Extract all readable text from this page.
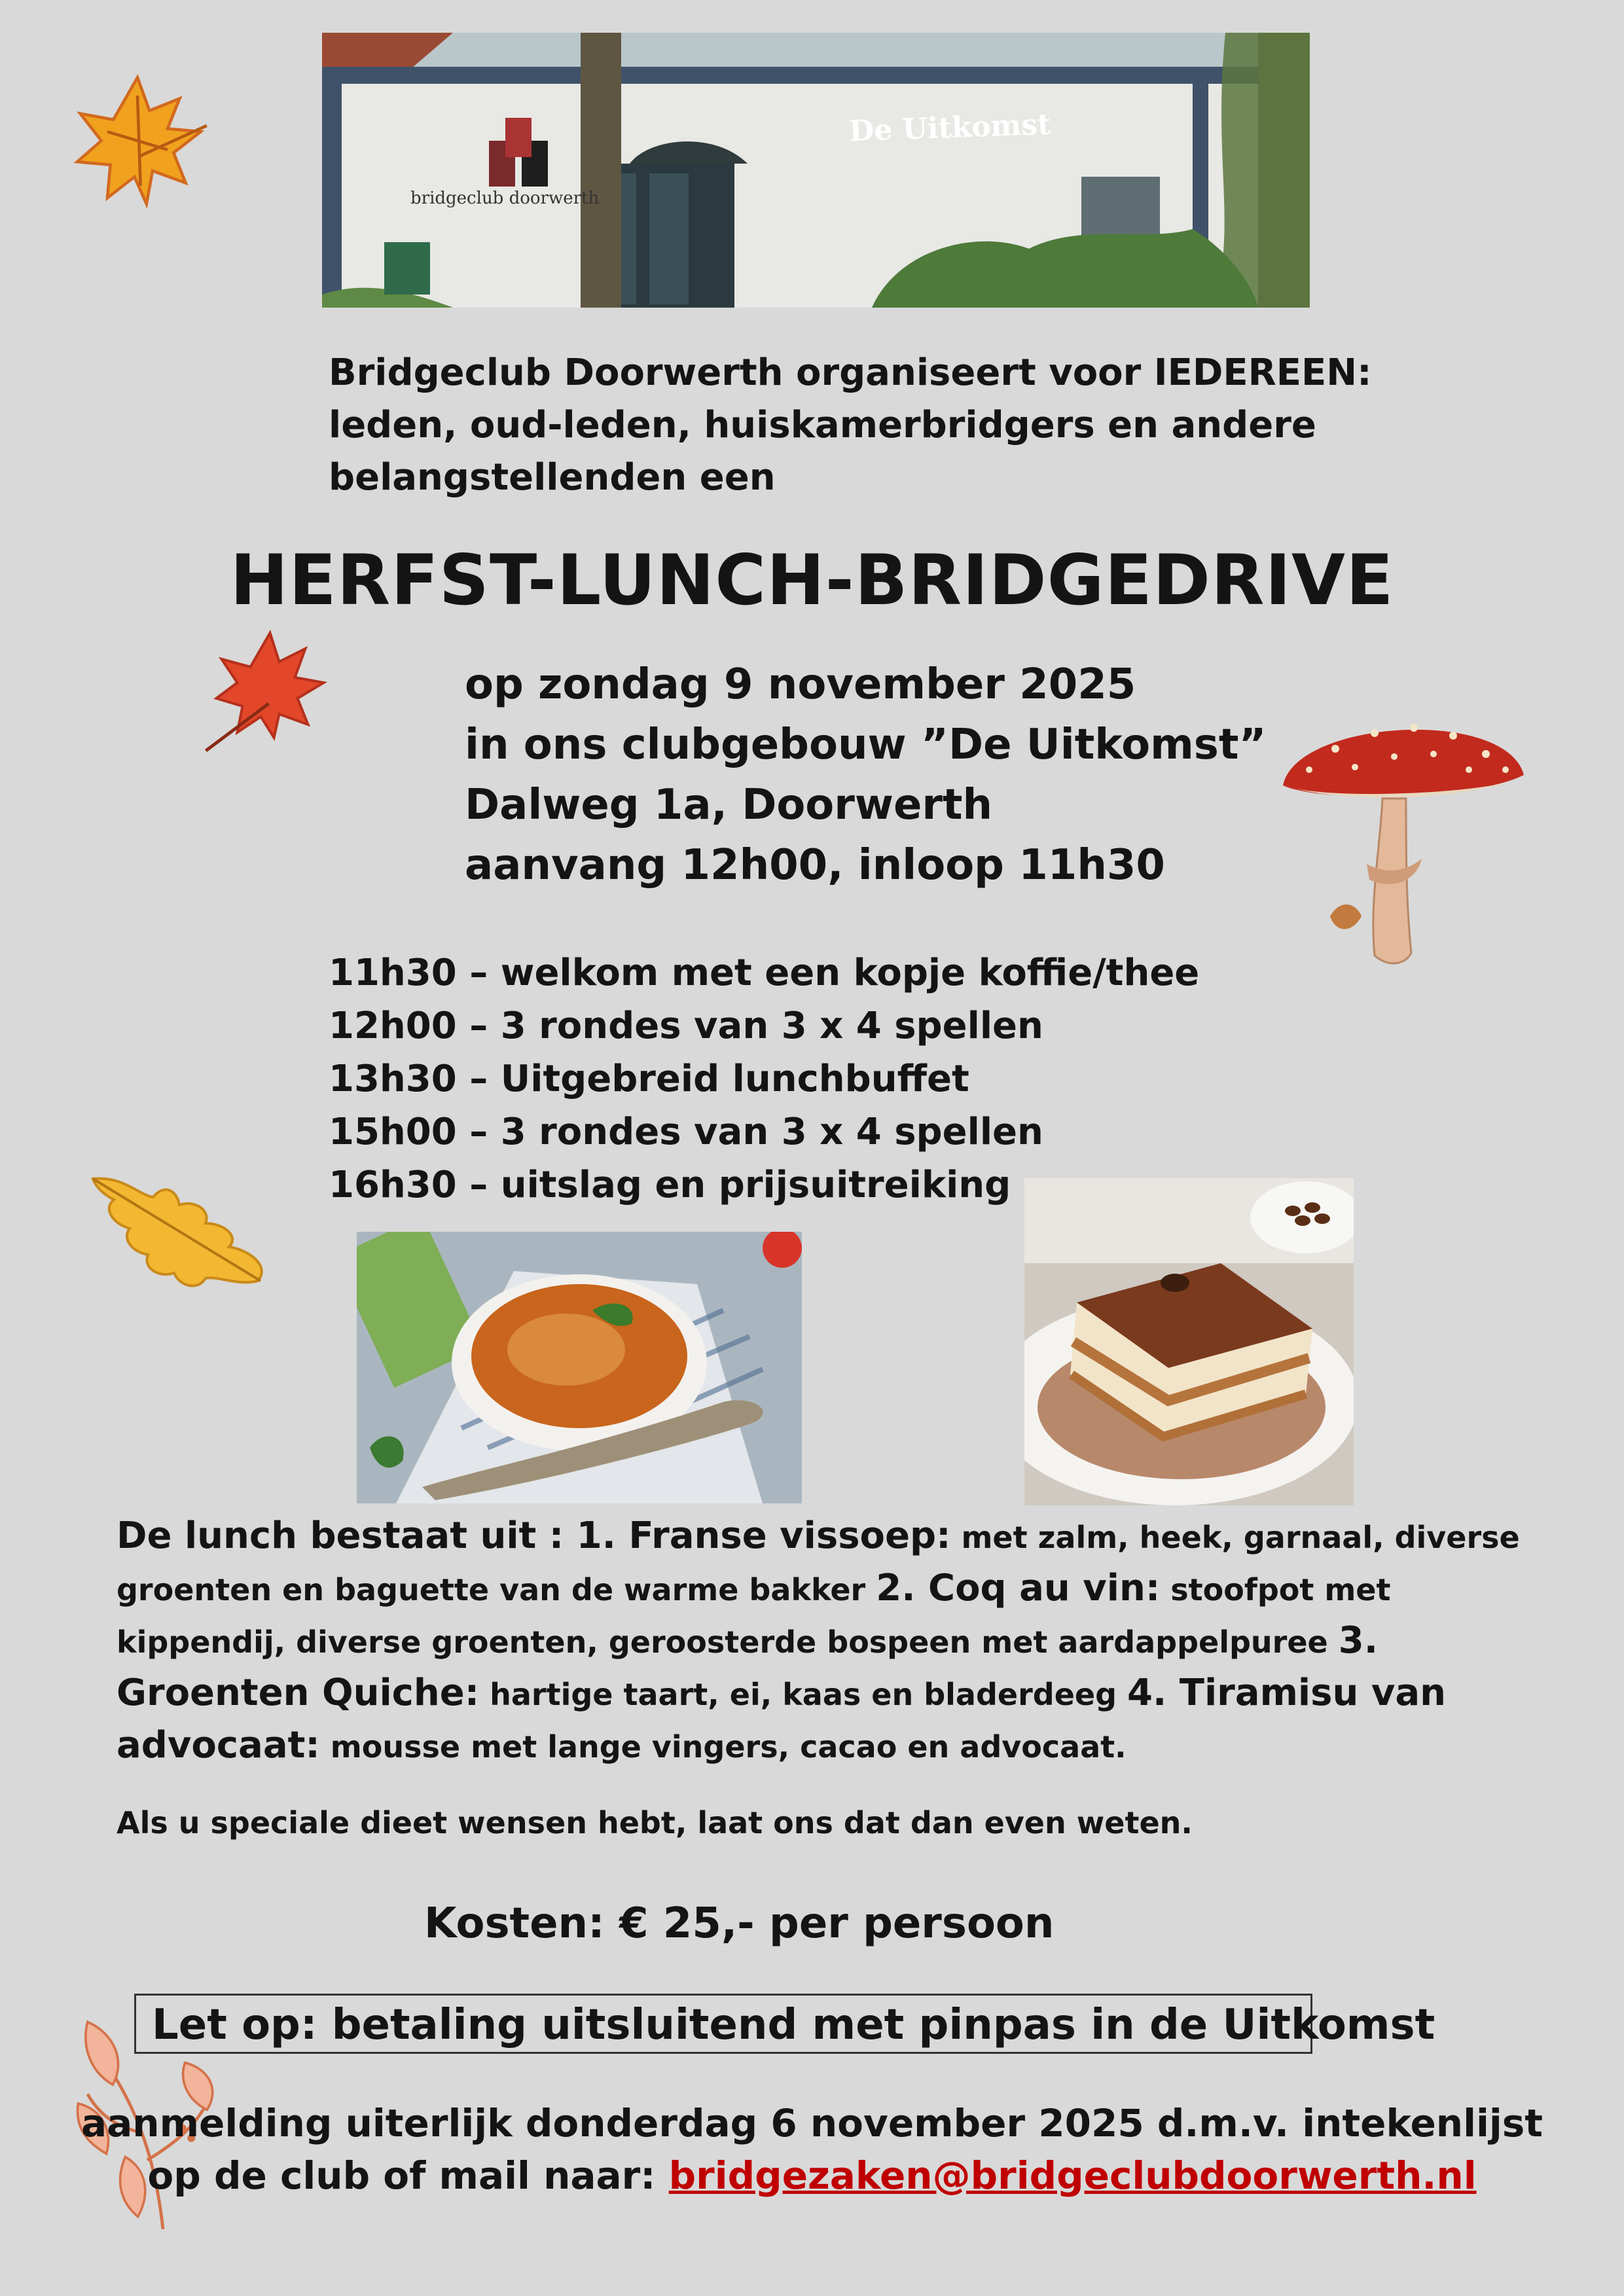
De Uitkomst
bridgeclub doorwerth
Bridgeclub Doorwerth organiseert voor IEDEREEN:
leden, oud-leden, huiskamerbridgers en andere
belangstellenden een
HERFST-LUNCH-BRIDGEDRIVE
op zondag 9 november 2025
in ons clubgebouw ”De Uitkomst”
Dalweg 1a, Doorwerth
aanvang 12h00, inloop 11h30
11h30 – welkom met een kopje koffie/thee
12h00 – 3 rondes van 3 x 4 spellen
13h30 – Uitgebreid lunchbuffet
15h00 – 3 rondes van 3 x 4 spellen
16h30 – uitslag en prijsuitreiking
De lunch bestaat uit : 1. Franse vissoep: met zalm, heek, garnaal, diverse groenten en baguette van de warme bakker 2. Coq au vin: stoofpot met kippendij, diverse groenten, geroosterde bospeen met aardappelpuree 3. Groenten Quiche: hartige taart, ei, kaas en bladerdeeg 4. Tiramisu van advocaat: mousse met lange vingers, cacao en advocaat.
Als u speciale dieet wensen hebt, laat ons dat dan even weten.
Kosten: € 25,- per persoon
Let op: betaling uitsluitend met pinpas in de Uitkomst
aanmelding uiterlijk donderdag 6 november 2025 d.m.v. intekenlijst
op de club of mail naar: bridgezaken@bridgeclubdoorwerth.nl
